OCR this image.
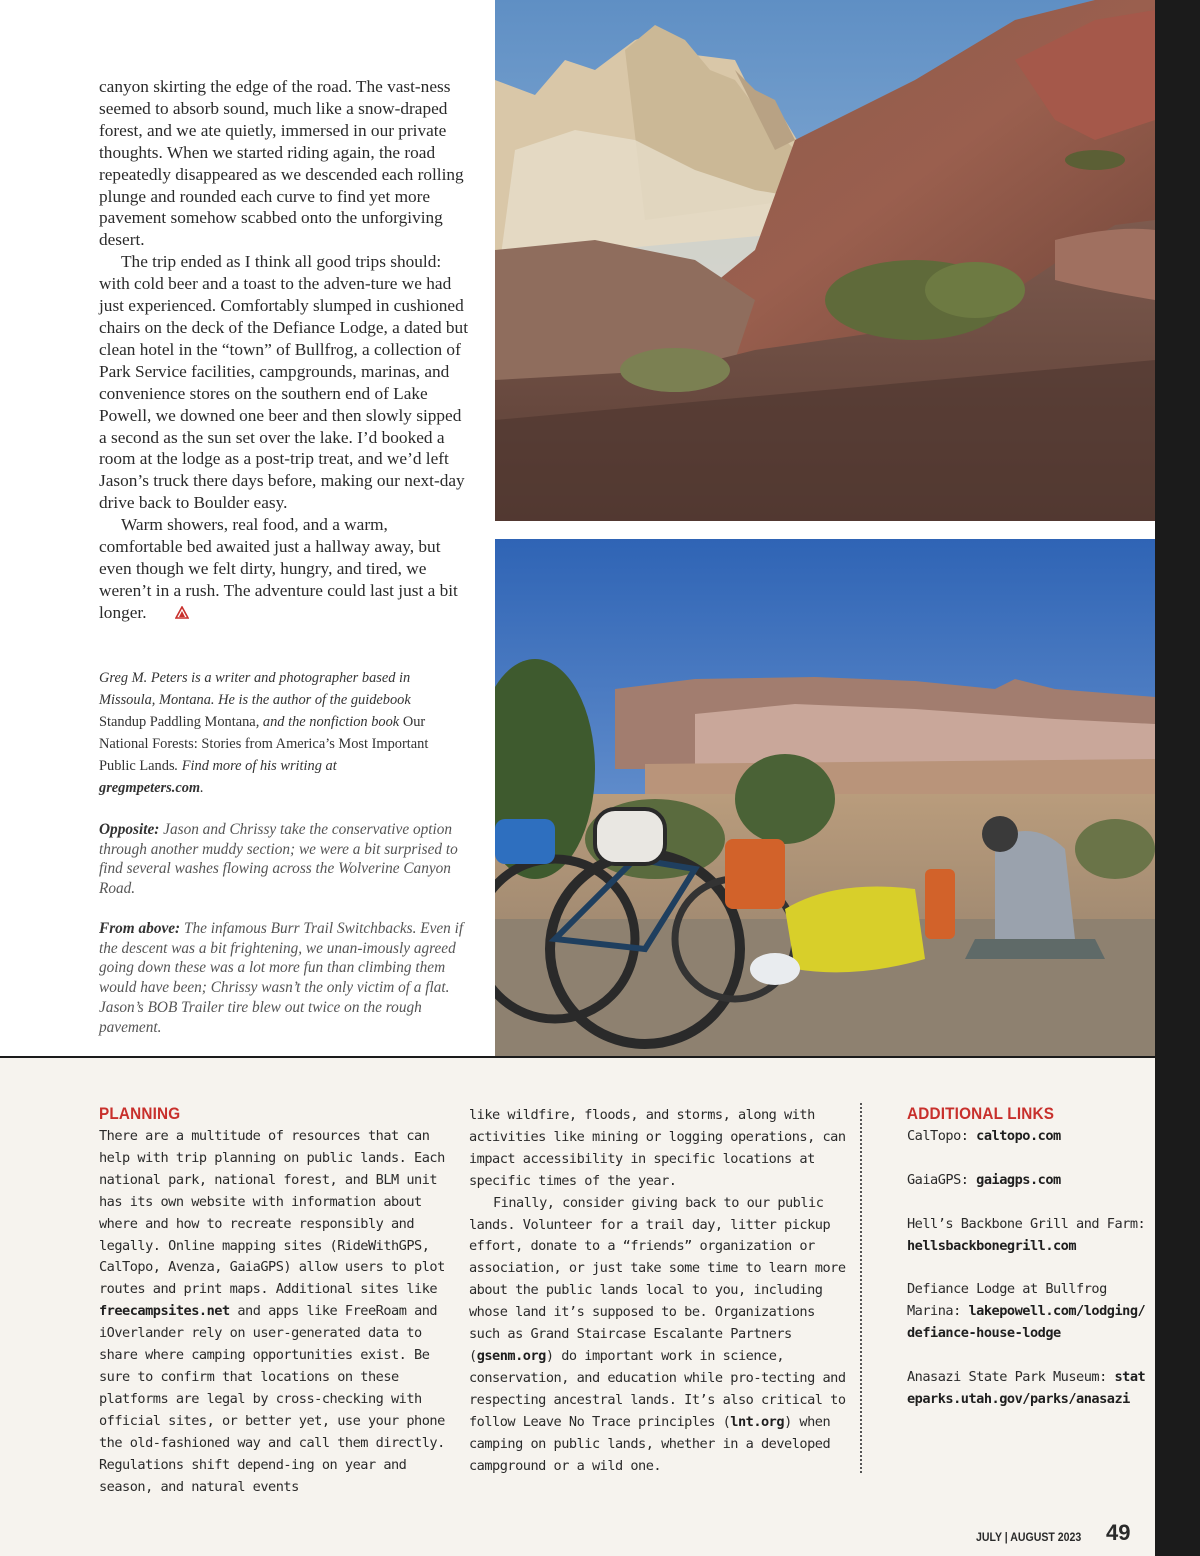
canyon skirting the edge of the road. The vast-ness seemed to absorb sound, much like a snow-draped forest, and we ate quietly, immersed in our private thoughts. When we started riding again, the road repeatedly disappeared as we descended each rolling plunge and rounded each curve to find yet more pavement somehow scabbed onto the unforgiving desert.

The trip ended as I think all good trips should: with cold beer and a toast to the adven-ture we had just experienced. Comfortably slumped in cushioned chairs on the deck of the Defiance Lodge, a dated but clean hotel in the “town” of Bullfrog, a collection of Park Service facilities, campgrounds, marinas, and convenience stores on the southern end of Lake Powell, we downed one beer and then slowly sipped a second as the sun set over the lake. I’d booked a room at the lodge as a post-trip treat, and we’d left Jason’s truck there days before, making our next-day drive back to Boulder easy.

Warm showers, real food, and a warm, comfortable bed awaited just a hallway away, but even though we felt dirty, hungry, and tired, we weren’t in a rush. The adventure could last just a bit longer.

Greg M. Peters is a writer and photographer based in Missoula, Montana. He is the author of the guidebook Standup Paddling Montana, and the nonfiction book Our National Forests: Stories from America’s Most Important Public Lands. Find more of his writing at gregmpeters.com.
Opposite: Jason and Chrissy take the conservative option through another muddy section; we were a bit surprised to find several washes flowing across the Wolverine Canyon Road.
From above: The infamous Burr Trail Switchbacks. Even if the descent was a bit frightening, we unan-imously agreed going down these was a lot more fun than climbing them would have been; Chrissy wasn’t the only victim of a flat. Jason’s BOB Trailer tire blew out twice on the rough pavement.
PLANNING

There are a multitude of resources that can help with trip planning on public lands. Each national park, national forest, and BLM unit has its own website with information about where and how to recreate responsibly and legally. Online mapping sites (RideWithGPS, CalTopo, Avenza, GaiaGPS) allow users to plot routes and print maps. Additional sites like freecampsites.net and apps like FreeRoam and iOverlander rely on user-generated data to share where camping opportunities exist. Be sure to confirm that locations on these platforms are legal by cross-checking with official sites, or better yet, use your phone the old-fashioned way and call them directly. Regulations shift depend-ing on year and season, and natural events

like wildfire, floods, and storms, along with activities like mining or logging operations, can impact accessibility in specific locations at specific times of the year.

Finally, consider giving back to our public lands. Volunteer for a trail day, litter pickup effort, donate to a “friends” organization or association, or just take some time to learn more about the public lands local to you, including whose land it’s supposed to be. Organizations such as Grand Staircase Escalante Partners (gsenm.org) do important work in science, conservation, and education while pro-tecting and respecting ancestral lands. It’s also critical to follow Leave No Trace principles (lnt.org) when camping on public lands, whether in a developed campground or a wild one.

ADDITIONAL LINKS
CalTopo: caltopo.com
GaiaGPS: gaiagps.com
Hell’s Backbone Grill and Farm: hellsbackbonegrill.com
Defiance Lodge at Bullfrog Marina: lakepowell.com/lodging/defiance-house-lodge
Anasazi State Park Museum: stateparks.utah.gov/parks/anasazi
JULY | AUGUST 2023 49
